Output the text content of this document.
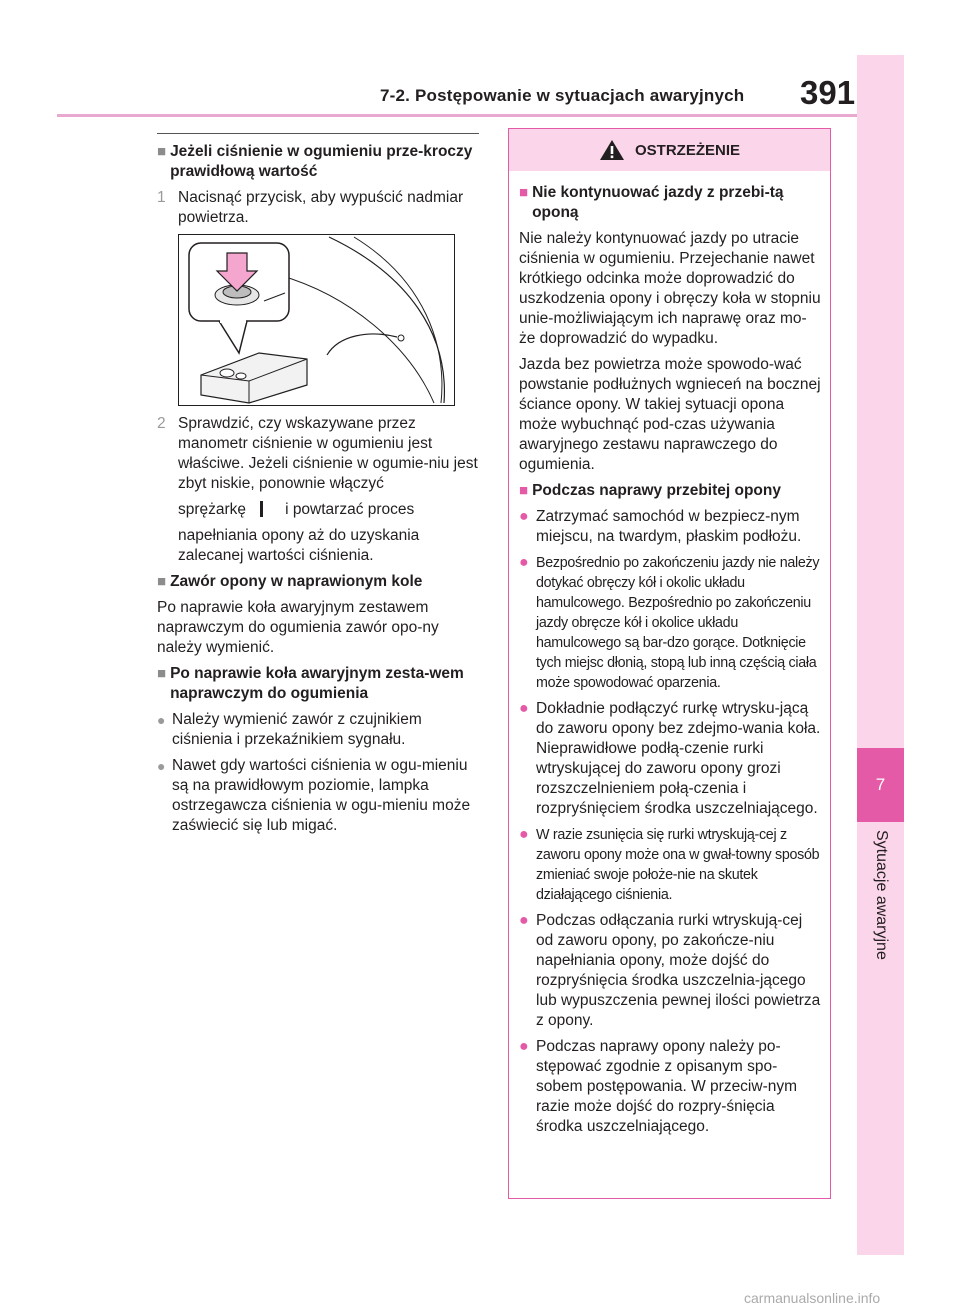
7-2. Postępowanie w sytuacjach awaryjnych 391
7
Sytuacje awaryjne
■ Jeżeli ciśnienie w ogumieniu prze-kroczy prawidłową wartość
1 Nacisnąć przycisk, aby wypuścić nadmiar powietrza.
2 Sprawdzić, czy wskazywane przez manometr ciśnienie w ogumieniu jest właściwe. Jeżeli ciśnienie w ogumie-niu jest zbyt niskie, ponownie włączyć
sprężarkę	i powtarzać proces
napełniania opony aż do uzyskania zalecanej wartości ciśnienia.
■ Zawór opony w naprawionym kole
Po naprawie koła awaryjnym zestawem naprawczym do ogumienia zawór opo-ny należy wymienić.
■ Po naprawie koła awaryjnym zesta-wem naprawczym do ogumienia
● Należy wymienić zawór z czujnikiem ciśnienia i przekaźnikiem sygnału.
● Nawet gdy wartości ciśnienia w ogu-mieniu są na prawidłowym poziomie, lampka ostrzegawcza ciśnienia w ogu-mieniu może zaświecić się lub migać.
OSTRZEŻENIE
■ Nie kontynuować jazdy z przebi-tą oponą
Nie należy kontynuować jazdy po utracie ciśnienia w ogumieniu. Przejechanie nawet krótkiego odcinka może doprowadzić do uszkodzenia opony i obręczy koła w stopniu unie-możliwiającym ich naprawę oraz mo-że doprowadzić do wypadku.
Jazda bez powietrza może spowodo-wać powstanie podłużnych wgnieceń na bocznej ściance opony. W takiej sytuacji opona może wybuchnąć pod-czas używania awaryjnego zestawu naprawczego do ogumienia.
■ Podczas naprawy przebitej opony
● Zatrzymać samochód w bezpiecz-nym miejscu, na twardym, płaskim podłożu.
● Bezpośrednio po zakończeniu jazdy nie należy dotykać obręczy kół i okolic układu hamulcowego. Bezpośrednio po zakończeniu jazdy obręcze kół i okolice układu hamulcowego są bar-dzo gorące. Dotknięcie tych miejsc dłonią, stopą lub inną częścią ciała może spowodować oparzenia.
● Dokładnie podłączyć rurkę wtrysku-jącą do zaworu opony bez zdejmo-wania koła. Nieprawidłowe podłą-czenie rurki wtryskującej do zaworu opony grozi rozszczelnieniem połą-czenia i rozpryśnięciem środka uszczelniającego.
● W razie zsunięcia się rurki wtryskują-cej z zaworu opony może ona w gwał-towny sposób zmieniać swoje położe-nie na skutek działającego ciśnienia.
● Podczas odłączania rurki wtryskują-cej od zaworu opony, po zakończe-niu napełniania opony, może dojść do rozpryśnięcia środka uszczelnia-jącego lub wypuszczenia pewnej ilości powietrza z opony.
● Podczas naprawy opony należy po-stępować zgodnie z opisanym spo-sobem postępowania. W przeciw-nym razie może dojść do rozpry-śnięcia środka uszczelniającego.
carmanualsonline.info
